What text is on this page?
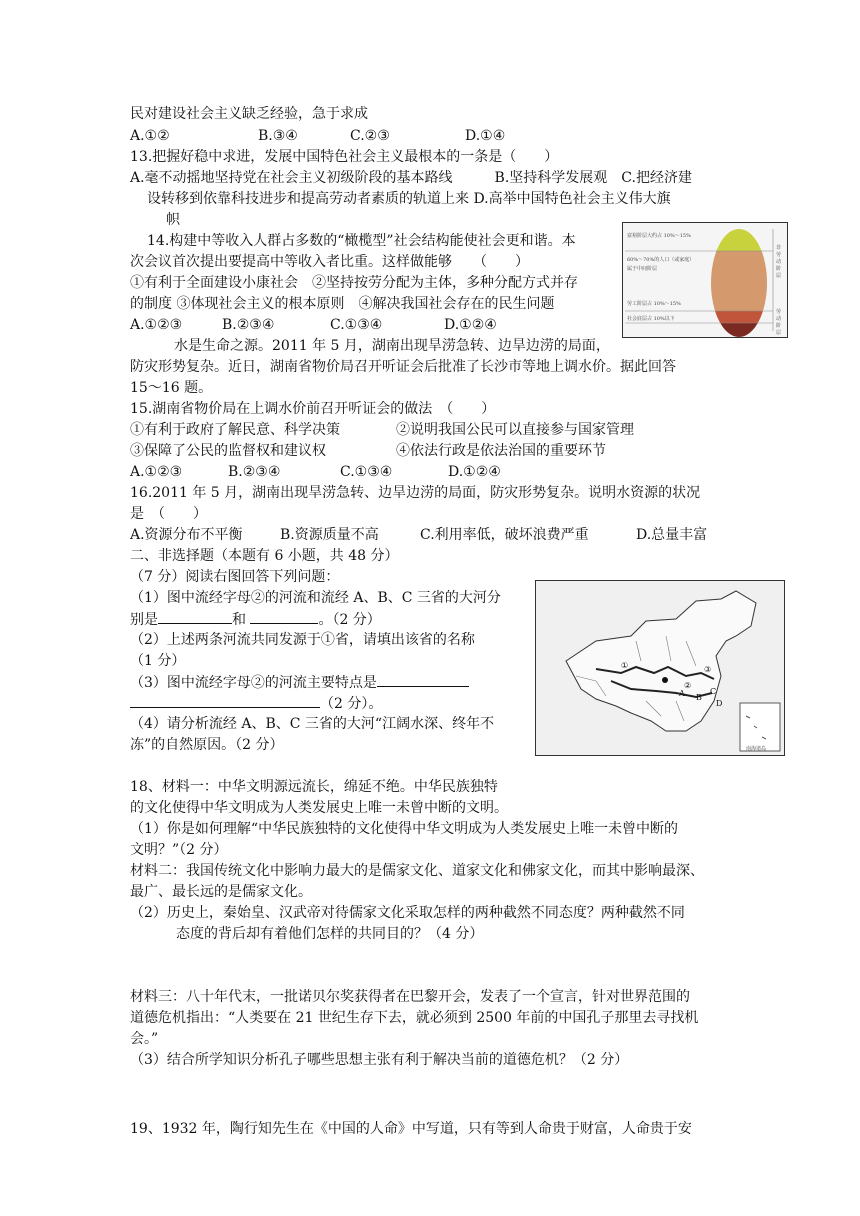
民对建设社会主义缺乏经验，急于求成
A.①②	B.③④	C.②③	D.①④
13.把握好稳中求进，发展中国特色社会主义最根本的一条是（　　）
A.毫不动摇地坚持党在社会主义初级阶段的基本路线　　　B.坚持科学发展观　C.把经济建
设转移到依靠科技进步和提高劳动者素质的轨道上来 D.高举中国特色社会主义伟大旗
帜
14.构建中等收入人群占多数的“橄榄型”社会结构能使社会更和谐。本
次会议首次提出要提高中等收入者比重。这样做能够　　（　　）
①有利于全面建设小康社会　②坚持按劳分配为主体，多种分配方式并存
的制度 ③体现社会主义的根本原则　④解决我国社会存在的民生问题
A.①②③	B.②③④	C.①③④	D.①②④
富裕阶层大约占 10%～15%
60%～70%的人口（或家庭）
属于中间阶层
劳工阶层占 10%～15%
社会底层占 10%以下
非劳动阶层
劳动阶层
水是生命之源。2011 年 5 月，湖南出现旱涝急转、边旱边涝的局面，
防灾形势复杂。近日，湖南省物价局召开听证会后批准了长沙市等地上调水价。据此回答
15～16 题。
15.湖南省物价局在上调水价前召开听证会的做法　（　　）
①有利于政府了解民意、科学决策　　　　②说明我国公民可以直接参与国家管理
③保障了公民的监督权和建议权　　　　　④依法行政是依法治国的重要环节
A.①②③	B.②③④	C.①③④	D.①②④
16.2011 年 5 月，湖南出现旱涝急转、边旱边涝的局面，防灾形势复杂。说明水资源的状况
是　（　　）
A.资源分布不平衡	B.资源质量不高	C.利用率低，破坏浪费严重	D.总量丰富
二、非选择题（本题有 6 小题，共 48 分）
（7 分）阅读右图回答下列问题：
（1）图中流经字母②的河流和流经 A、B、C 三省的大河分
别是	和	。（2 分）
（2）上述两条河流共同发源于①省，请填出该省的名称
（1 分）
（3）图中流经字母②的河流主要特点是
（2 分）。
（4）请分析流经 A、B、C 三省的大河“江阔水深、终年不
冻”的自然原因。（2 分）
①
②
③
A B
C
D
南海诸岛
18、材料一：中华文明源远流长，绵延不绝。中华民族独特
的文化使得中华文明成为人类发展史上唯一未曾中断的文明。
（1）你是如何理解“中华民族独特的文化使得中华文明成为人类发展史上唯一未曾中断的
文明？”（2 分）
材料二：我国传统文化中影响力最大的是儒家文化、道家文化和佛家文化，而其中影响最深、
最广、最长远的是儒家文化。
（2）历史上，秦始皇、汉武帝对待儒家文化采取怎样的两种截然不同态度？两种截然不同
态度的背后却有着他们怎样的共同目的？（4 分）
材料三：八十年代末，一批诺贝尔奖获得者在巴黎开会，发表了一个宣言，针对世界范围的
道德危机指出：“人类要在 21 世纪生存下去，就必须到 2500 年前的中国孔子那里去寻找机
会。”
（3）结合所学知识分析孔子哪些思想主张有利于解决当前的道德危机？（2 分）
19、1932 年，陶行知先生在《中国的人命》中写道，只有等到人命贵于财富，人命贵于安
